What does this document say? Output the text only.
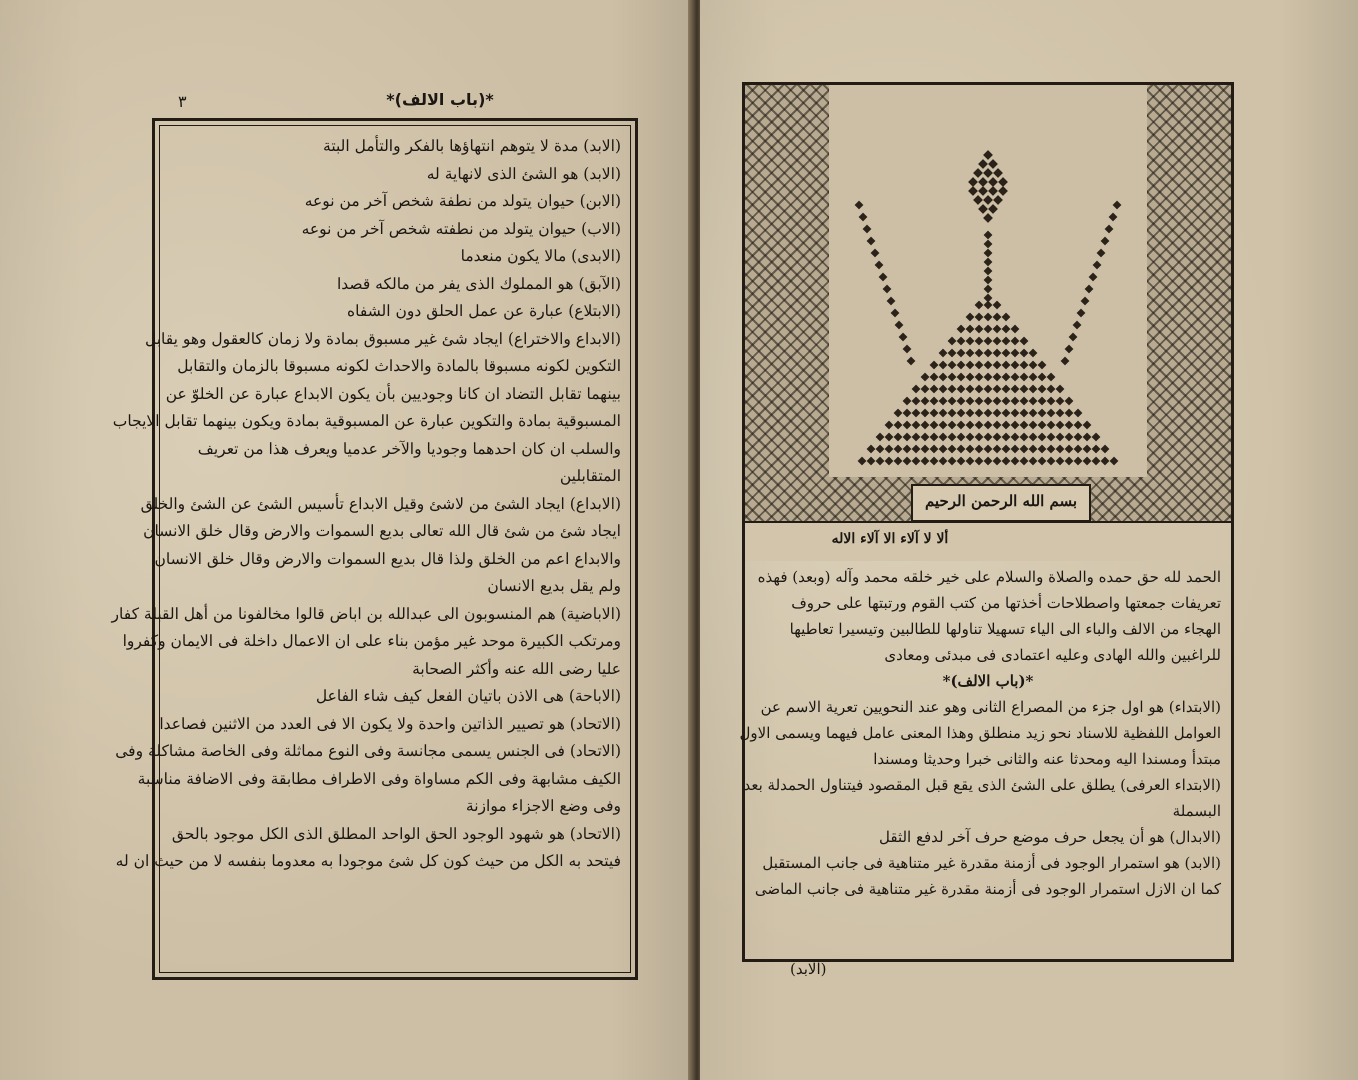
٣	*(باب الالف)*
(الابد) مدة لا يتوهم انتهاؤها بالفكر والتأمل البتة
(الابد) هو الشئ الذى لانهاية له
(الابن) حيوان يتولد من نطفة شخص آخر من نوعه
(الاب) حيوان يتولد من نطفته شخص آخر من نوعه
(الابدى) مالا يكون منعدما
(الآبق) هو المملوك الذى يفر من مالكه قصدا
(الابتلاع) عبارة عن عمل الحلق دون الشفاه
(الابداع والاختراع) ايجاد شئ غير مسبوق بمادة ولا زمان كالعقول وهو يقابل
التكوين لكونه مسبوقا بالمادة والاحداث لكونه مسبوقا بالزمان والتقابل
بينهما تقابل التضاد ان كانا وجوديين بأن يكون الابداع عبارة عن الخلوّ عن
المسبوقية بمادة والتكوين عبارة عن المسبوقية بمادة ويكون بينهما تقابل الايجاب
والسلب ان كان احدهما وجوديا والآخر عدميا ويعرف هذا من تعريف
المتقابلين
(الابداع) ايجاد الشئ من لاشئ وقيل الابداع تأسيس الشئ عن الشئ والخلق
ايجاد شئ من شئ قال الله تعالى بديع السموات والارض وقال خلق الانسان
والابداع اعم من الخلق ولذا قال بديع السموات والارض وقال خلق الانسان
ولم يقل بديع الانسان
(الاباضية) هم المنسوبون الى عبدالله بن اباض قالوا مخالفونا من أهل القبلة كفار
ومرتكب الكبيرة موحد غير مؤمن بناء على ان الاعمال داخلة فى الايمان وكفروا
عليا رضى الله عنه وأكثر الصحابة
(الاباحة) هى الاذن باتيان الفعل كيف شاء الفاعل
(الاتحاد) هو تصيير الذاتين واحدة ولا يكون الا فى العدد من الاثنين فصاعدا
(الاتحاد) فى الجنس يسمى مجانسة وفى النوع مماثلة وفى الخاصة مشاكلة وفى
الكيف مشابهة وفى الكم مساواة وفى الاطراف مطابقة وفى الاضافة مناسبة
وفى وضع الاجزاء موازنة
(الاتحاد) هو شهود الوجود الحق الواحد المطلق الذى الكل موجود بالحق
فيتحد به الكل من حيث كون كل شئ موجودا به معدوما بنفسه لا من حيث ان له
بسم الله الرحمن الرحيم
ألا لا آلاء الا آلاء الاله
الحمد لله حق حمده والصلاة والسلام على خير خلقه محمد وآله (وبعد) فهذه
تعريفات جمعتها واصطلاحات أخذتها من كتب القوم ورتبتها على حروف
الهجاء من الالف والباء الى الياء تسهيلا تناولها للطالبين وتيسيرا تعاطيها
للراغبين والله الهادى وعليه اعتمادى فى مبدئى ومعادى
*(باب الالف)*
(الابتداء) هو اول جزء من المصراع الثانى وهو عند النحويين تعرية الاسم عن
العوامل اللفظية للاسناد نحو زيد منطلق وهذا المعنى عامل فيهما ويسمى الاول
مبتدأ ومسندا اليه ومحدثا عنه والثانى خبرا وحديثا ومسندا
(الابتداء العرفى) يطلق على الشئ الذى يقع قبل المقصود فيتناول الحمدلة بعد
البسملة
(الابدال) هو أن يجعل حرف موضع حرف آخر لدفع الثقل
(الابد) هو استمرار الوجود فى أزمنة مقدرة غير متناهية فى جانب المستقبل
كما ان الازل استمرار الوجود فى أزمنة مقدرة غير متناهية فى جانب الماضى
(الابد)
